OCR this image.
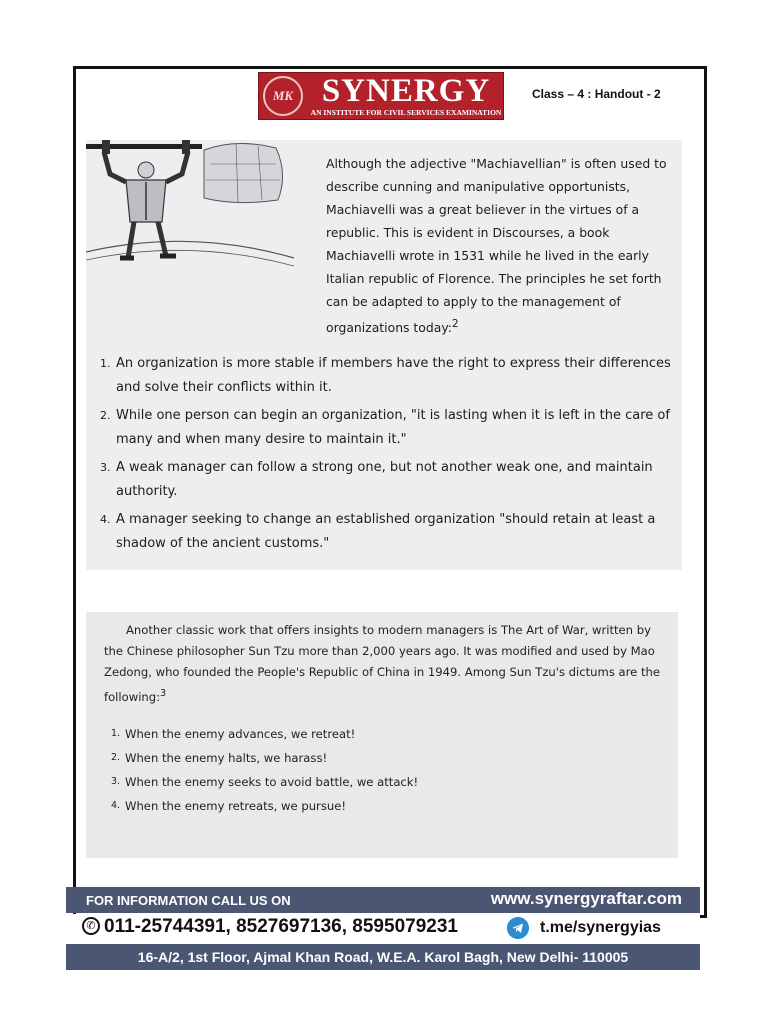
MK SYNERGY
AN INSTITUTE FOR CIVIL SERVICES EXAMINATION
Class – 4 : Handout - 2
Although the adjective "Machiavellian" is often used to describe cunning and manipulative opportunists, Machiavelli was a great believer in the virtues of a republic. This is evident in Discourses, a book Machiavelli wrote in 1531 while he lived in the early Italian republic of Florence. The principles he set forth can be adapted to apply to the management of organizations today:$^2$
1. An organization is more stable if members have the right to express their differences and solve their conflicts within it.
2. While one person can begin an organization, "it is lasting when it is left in the care of many and when many desire to maintain it."
3. A weak manager can follow a strong one, but not another weak one, and maintain authority.
4. A manager seeking to change an established organization "should retain at least a shadow of the ancient customs."
Another classic work that offers insights to modern managers is The Art of War, written by the Chinese philosopher Sun Tzu more than 2,000 years ago. It was modified and used by Mao Zedong, who founded the People's Republic of China in 1949. Among Sun Tzu's dictums are the following:$^3$
1. When the enemy advances, we retreat!
2. When the enemy halts, we harass!
3. When the enemy seeks to avoid battle, we attack!
4. When the enemy retreats, we pursue!
FOR INFORMATION CALL US ON	www.synergyraftar.com
✆ 011-25744391, 8527697136, 8595079231	t.me/synergyias
16-A/2, 1st Floor, Ajmal Khan Road, W.E.A. Karol Bagh, New Delhi- 110005
